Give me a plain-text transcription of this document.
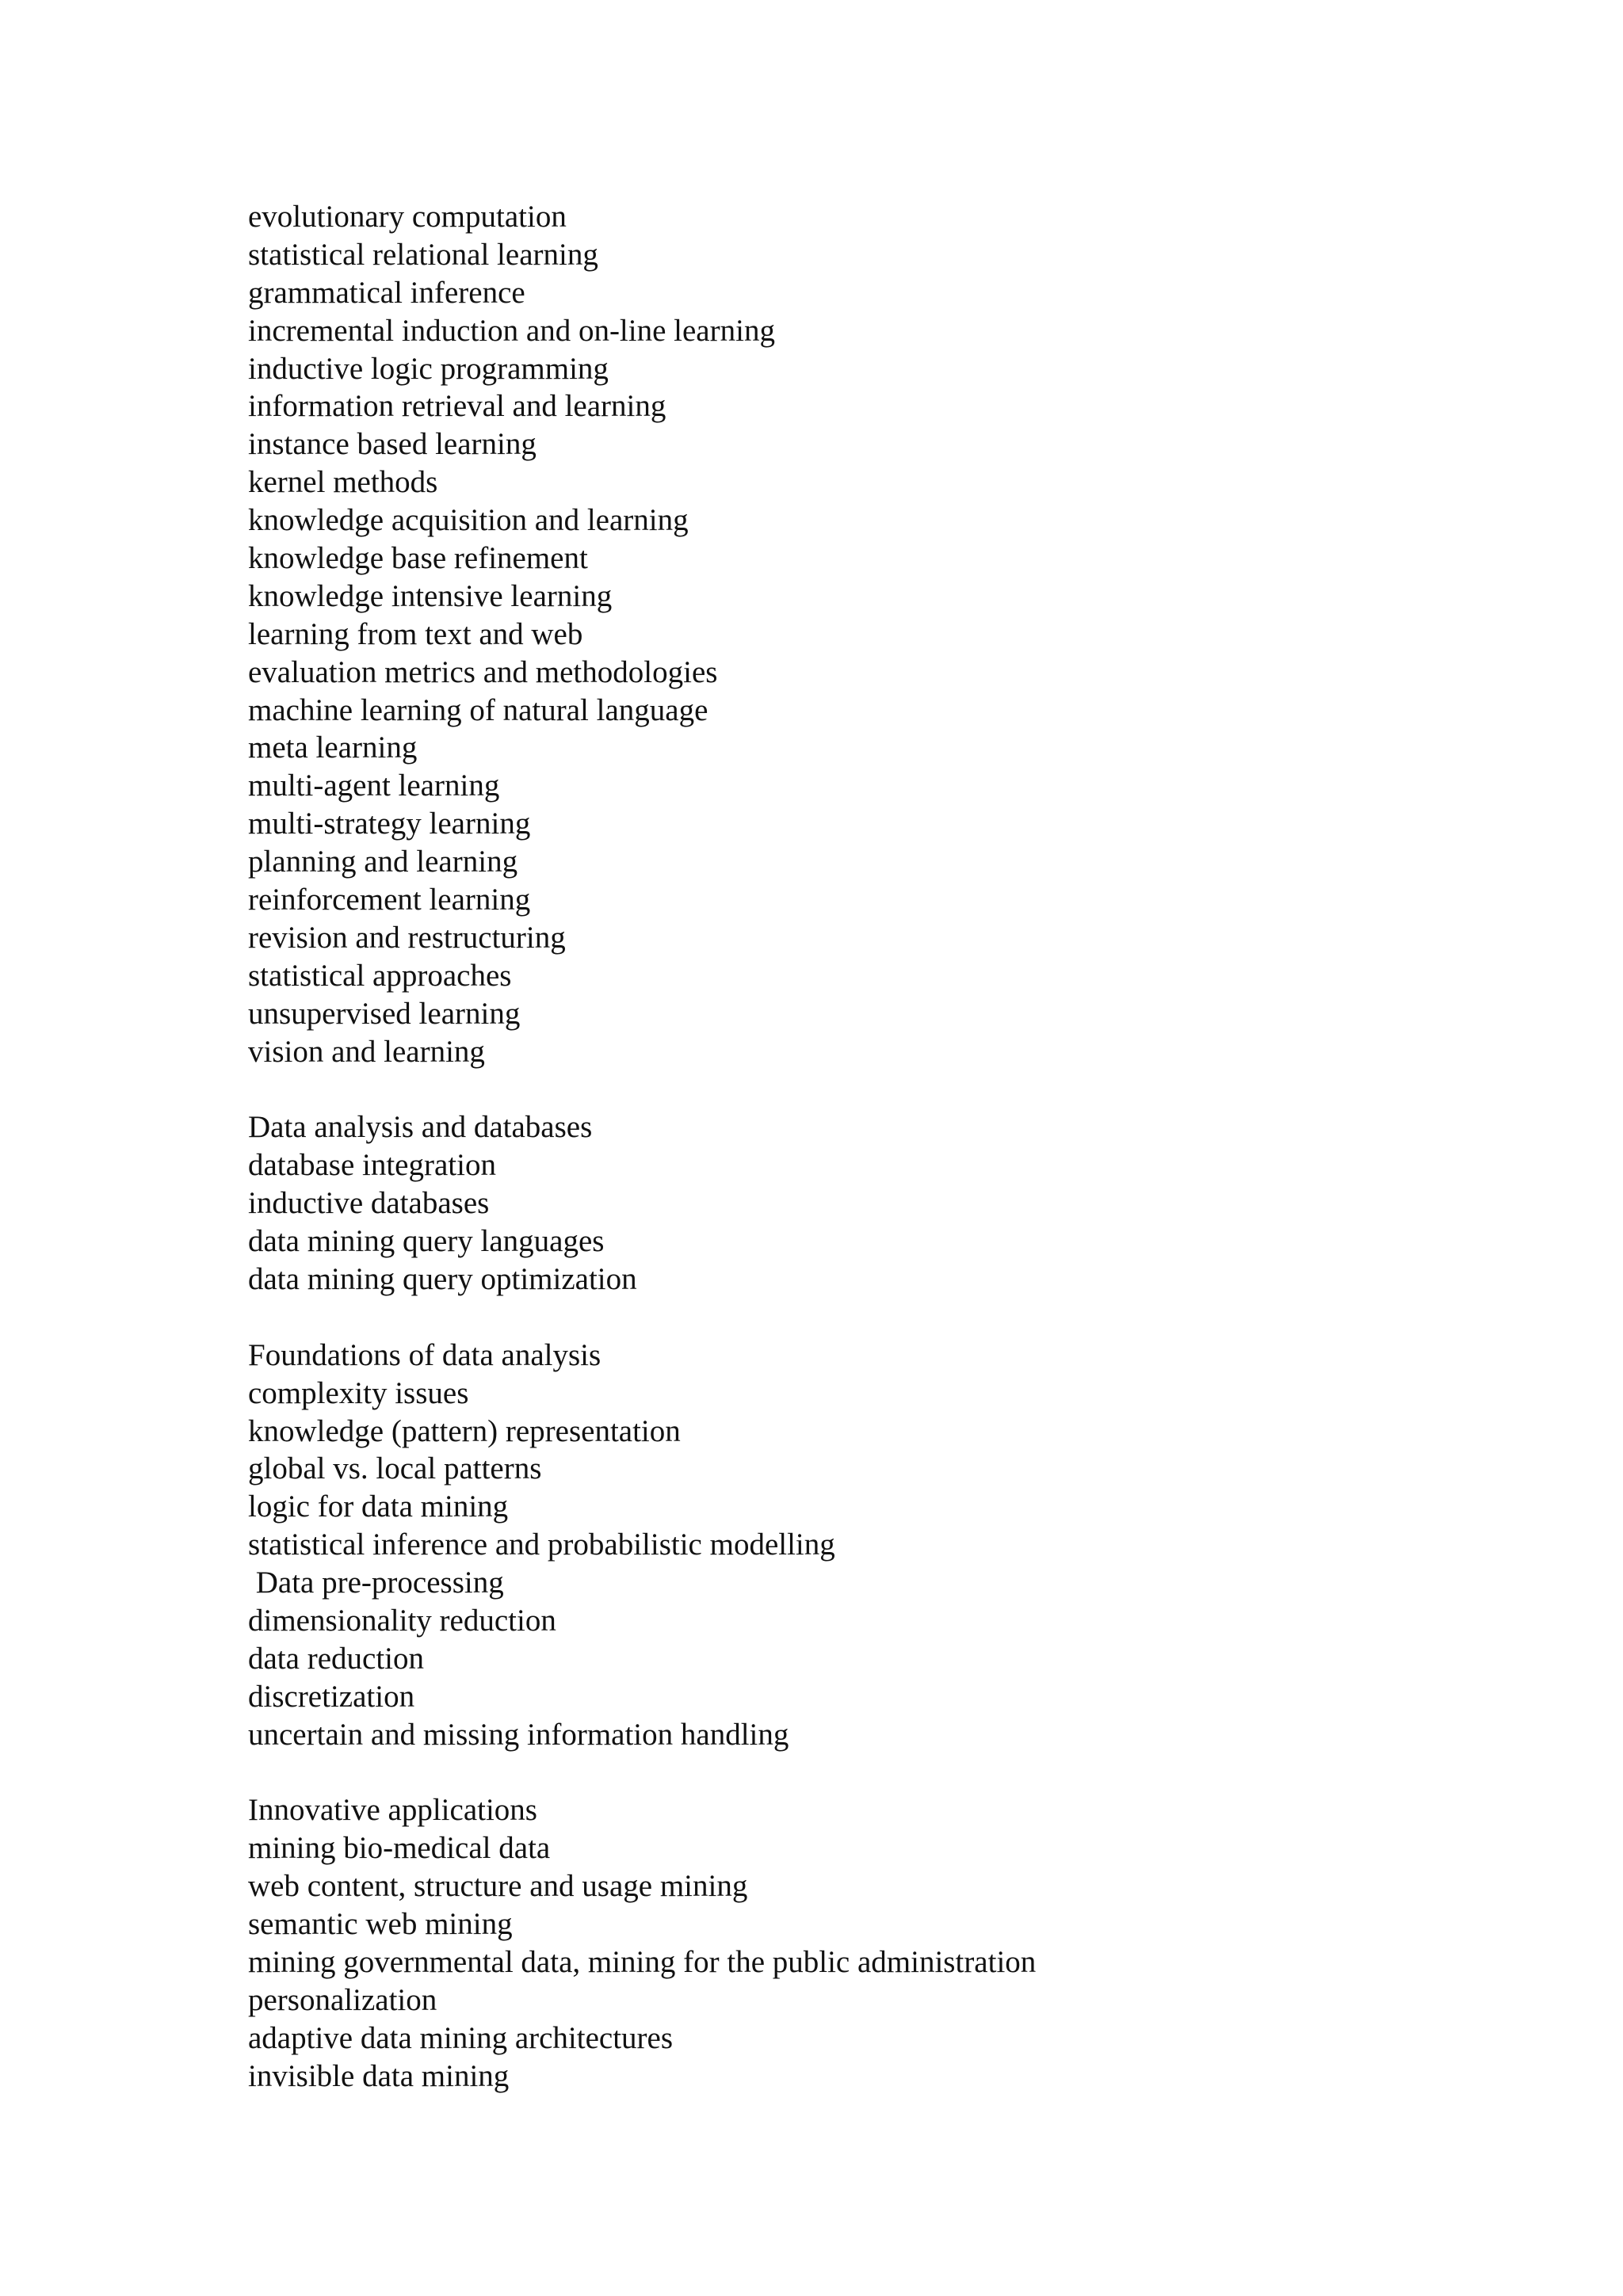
evolutionary computation
statistical relational learning
grammatical inference
incremental induction and on-line learning
inductive logic programming
information retrieval and learning
instance based learning
kernel methods
knowledge acquisition and learning
knowledge base refinement
knowledge intensive learning
learning from text and web
evaluation metrics and methodologies
machine learning of natural language
meta learning
multi-agent learning
multi-strategy learning
planning and learning
reinforcement learning
revision and restructuring
statistical approaches
unsupervised learning
vision and learning
Data analysis and databases
database integration
inductive databases
data mining query languages
data mining query optimization
Foundations of data analysis
complexity issues
knowledge (pattern) representation
global vs. local patterns
logic for data mining
statistical inference and probabilistic modelling
Data pre-processing
dimensionality reduction
data reduction
discretization
uncertain and missing information handling
Innovative applications
mining bio-medical data
web content, structure and usage mining
semantic web mining
mining governmental data, mining for the public administration
personalization
adaptive data mining architectures
invisible data mining
